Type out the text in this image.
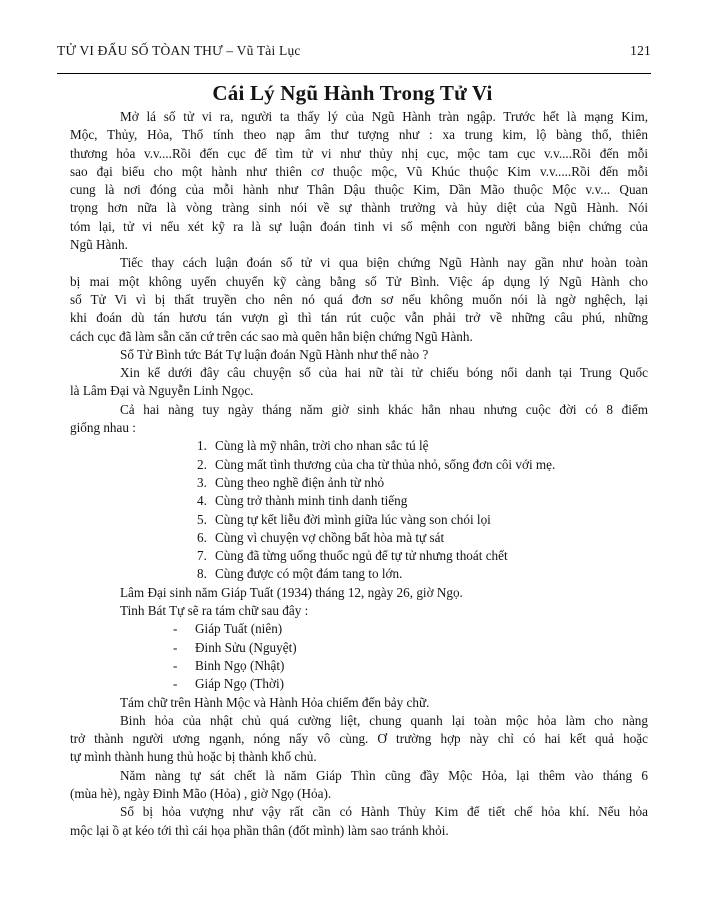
TỬ VI ĐẨU SỐ TÒAN THƯ – Vũ Tài Lục	121
Cái Lý Ngũ Hành Trong Tử Vi
Mở lá số tử vi ra, người ta thấy lý của Ngũ Hành tràn ngập. Trước hết là mạng Kim,
Mộc, Thủy, Hỏa, Thổ tính theo nạp âm thư tượng như : xa trung kim, lộ bàng thổ, thiên
thương hỏa v.v....Rồi đến cục để tìm tử vi như thủy nhị cục, mộc tam cục v.v....Rồi đến mỗi
sao đại biểu cho một hành như thiên cơ thuộc mộc, Vũ Khúc thuộc Kim v.v.....Rồi đến mỗi
cung là nơi đóng của mỗi hành như Thân Dậu thuộc Kim, Dần Mão thuộc Mộc v.v... Quan
trọng hơn nữa là vòng tràng sinh nói về sự thành trưởng và hủy diệt của Ngũ Hành. Nói
tóm lại, tử vi nếu xét kỹ ra là sự luận đoán tinh vi số mệnh con người bằng biện chứng của
Ngũ Hành.
Tiếc thay cách luận đoán số tử vi qua biện chứng Ngũ Hành nay gần như hoàn toàn
bị mai một không uyển chuyển kỹ càng bằng số Tử Bình. Việc áp dụng lý Ngũ Hành cho
số Tử Vi vì bị thất truyền cho nên nó quá đơn sơ nếu không muốn nói là ngờ nghệch, lại
khi đoán dù tán hươu tán vượn gì thì tán rút cuộc vẫn phải trở về những câu phú, những
cách cục đã làm sẵn căn cứ trên các sao mà quên hẳn biện chứng Ngũ Hành.
Số Tử Bình tức Bát Tự luận đoán Ngũ Hành như thế nào ?
Xin kể dưới đây câu chuyện số của hai nữ tài tử chiếu bóng nổi danh tại Trung Quốc
là Lâm Đại và Nguyễn Linh Ngọc.
Cả hai nàng tuy ngày tháng năm giờ sinh khác hẳn nhau nhưng cuộc đời có 8 điểm
giống nhau :
1. Cùng là mỹ nhân, trời cho nhan sắc tú lệ
2. Cùng mất tình thương của cha từ thủa nhỏ, sống đơn côi với mẹ.
3. Cùng theo nghề điện ảnh từ nhỏ
4. Cùng trở thành minh tinh danh tiếng
5. Cùng tự kết liễu đời mình giữa lúc vàng son chói lọi
6. Cùng vì chuyện vợ chồng bất hòa mà tự sát
7. Cùng đã từng uống thuốc ngủ để tự tử nhưng thoát chết
8. Cùng được có một đám tang to lớn.
Lâm Đại sinh năm Giáp Tuất (1934) tháng 12, ngày 26, giờ Ngọ.
Tinh Bát Tự sẽ ra tám chữ sau đây :
- Giáp Tuất (niên)
- Đinh Sửu (Nguyệt)
- Binh Ngọ (Nhật)
- Giáp Ngọ (Thời)
Tám chữ trên Hành Mộc và Hành Hỏa chiếm đến bảy chữ.
Binh hỏa của nhật chủ quá cường liệt, chung quanh lại toàn mộc hỏa làm cho nàng
trở thành người ương ngạnh, nóng nẩy vô cùng. Ơ trường hợp này chỉ có hai kết quả hoặc
tự mình thành hung thủ hoặc bị thành khổ chủ.
Năm nàng tự sát chết là năm Giáp Thìn cũng đầy Mộc Hỏa, lại thêm vào tháng 6
(mùa hè), ngày Đinh Mão (Hỏa) , giờ Ngọ (Hỏa).
Số bị hỏa vượng như vậy rất cần có Hành Thủy Kim để tiết chế hỏa khí. Nếu hỏa
mộc lại ồ ạt kéo tới thì cái họa phần thân (đốt mình) làm sao tránh khỏi.
